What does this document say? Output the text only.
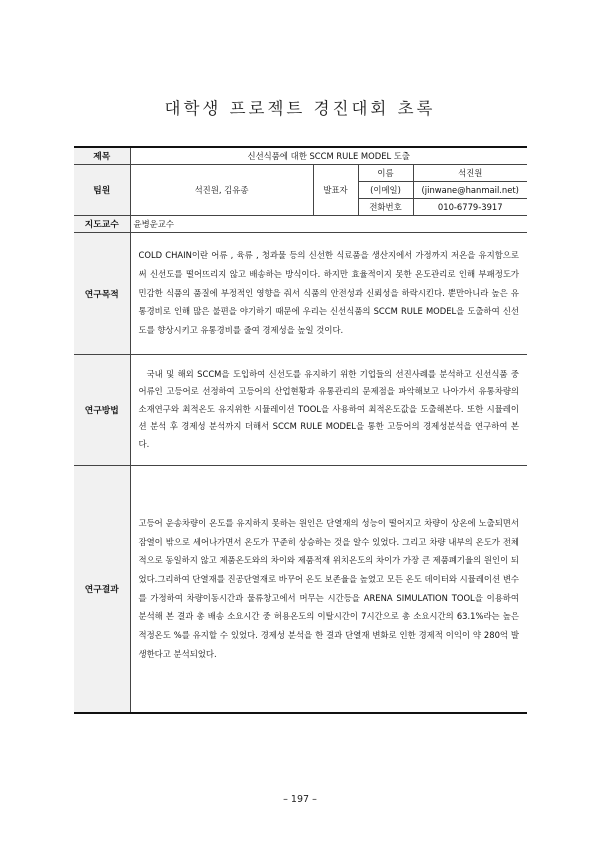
대학생 프로젝트 경진대회 초록
제목	신선식품에 대한 SCCM RULE MODEL 도출			
팀원	석진원, 김유종	발표자	이름	석진원
			(이메일)	(jinwane@hanmail.net)
			전화번호	010-6779-3917
지도교수	윤병운교수			
연구목적	COLD CHAIN이란 어류 , 육류 , 청과물 등의 신선한 식료품을 생산지에서 가정까지 저온을 유지함으로써 신선도를 떨어뜨리지 않고 배송하는 방식이다. 하지만 효율적이지 못한 온도관리로 인해 부패정도가 민감한 식품의 품질에 부정적인 영향을 줘서 식품의 안전성과 신뢰성을 하락시킨다. 뿐만아니라 높은 유통경비로 인해 많은 불편을 야기하기 때문에 우리는 신선식품의 SCCM RULE MODEL을 도출하여 신선도를 향상시키고 유통경비를 줄여 경제성을 높일 것이다.			
연구방법	국내 및 해외 SCCM을 도입하여 신선도를 유지하기 위한 기업들의 선진사례를 분석하고 신선식품 중 어류인 고등어로 선정하여 고등어의 산업현황과 유통관리의 문제점을 파악해보고 나아가서 유통차량의 소재연구와 최적온도 유지위한 시뮬레이션 TOOL을 사용하여 최적온도값을 도출해본다. 또한 시뮬레이션 분석 후 경제성 분석까지 더해서 SCCM RULE MODEL을 통한 고등어의 경제성분석을 연구하여 본다.			
연구결과	고등어 운송차량이 온도를 유지하지 못하는 원인은 단열재의 성능이 떨어지고 차량이 상온에 노출되면서 잠열이 밖으로 세어나가면서 온도가 꾸준히 상승하는 것을 알수 있었다. 그리고 차량 내부의 온도가 전체적으로 동일하지 않고 제품온도와의 차이와 제품적재 위치온도의 차이가 가장 큰 제품폐기율의 원인이 되었다.그리하여 단열재를 진공단열재로 바꾸어 온도 보존율을 높였고 모든 온도 데이터와 시뮬레이션 변수를 가정하여 차량이동시간과 물류창고에서 머무는 시간등을 ARENA SIMULATION TOOL을 이용하여 분석해 본 결과 총 배송 소요시간 중 허용온도의 이탈시간이 7시간으로 총 소요시간의 63.1%라는 높은 적정온도 %를 유지할 수 있었다. 경제성 분석을 한 결과 단열재 변화로 인한 경제적 이익이 약 280억 발생한다고 분석되었다.			
– 197 –
